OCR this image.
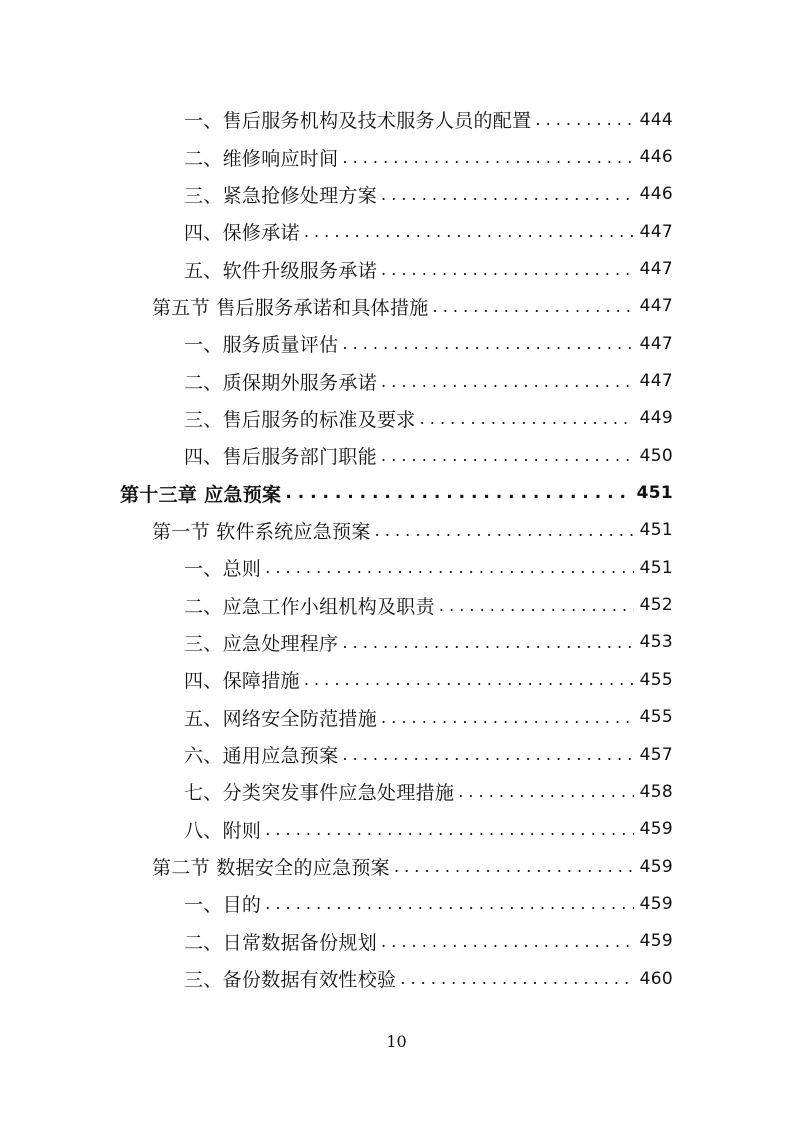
一、售后服务机构及技术服务人员的配置 . . .	444
二、维修响应时间 . . .	446
三、紧急抢修处理方案 . . .	446
四、保修承诺 . . .	447
五、软件升级服务承诺 . . .	447
第五节 售后服务承诺和具体措施 . . .	447
一、服务质量评估 . . .	447
二、质保期外服务承诺 . . .	447
三、售后服务的标准及要求 . . .	449
四、售后服务部门职能 . . .	450
第十三章 应急预案 . . .	451
第一节 软件系统应急预案 . . .	451
一、总则 . . .	451
二、应急工作小组机构及职责 . . .	452
三、应急处理程序 . . .	453
四、保障措施 . . .	455
五、网络安全防范措施 . . .	455
六、通用应急预案 . . .	457
七、分类突发事件应急处理措施 . . .	458
八、附则 . . .	459
第二节 数据安全的应急预案 . . .	459
一、目的 . . .	459
二、日常数据备份规划 . . .	459
三、备份数据有效性校验 . . .	460
10
